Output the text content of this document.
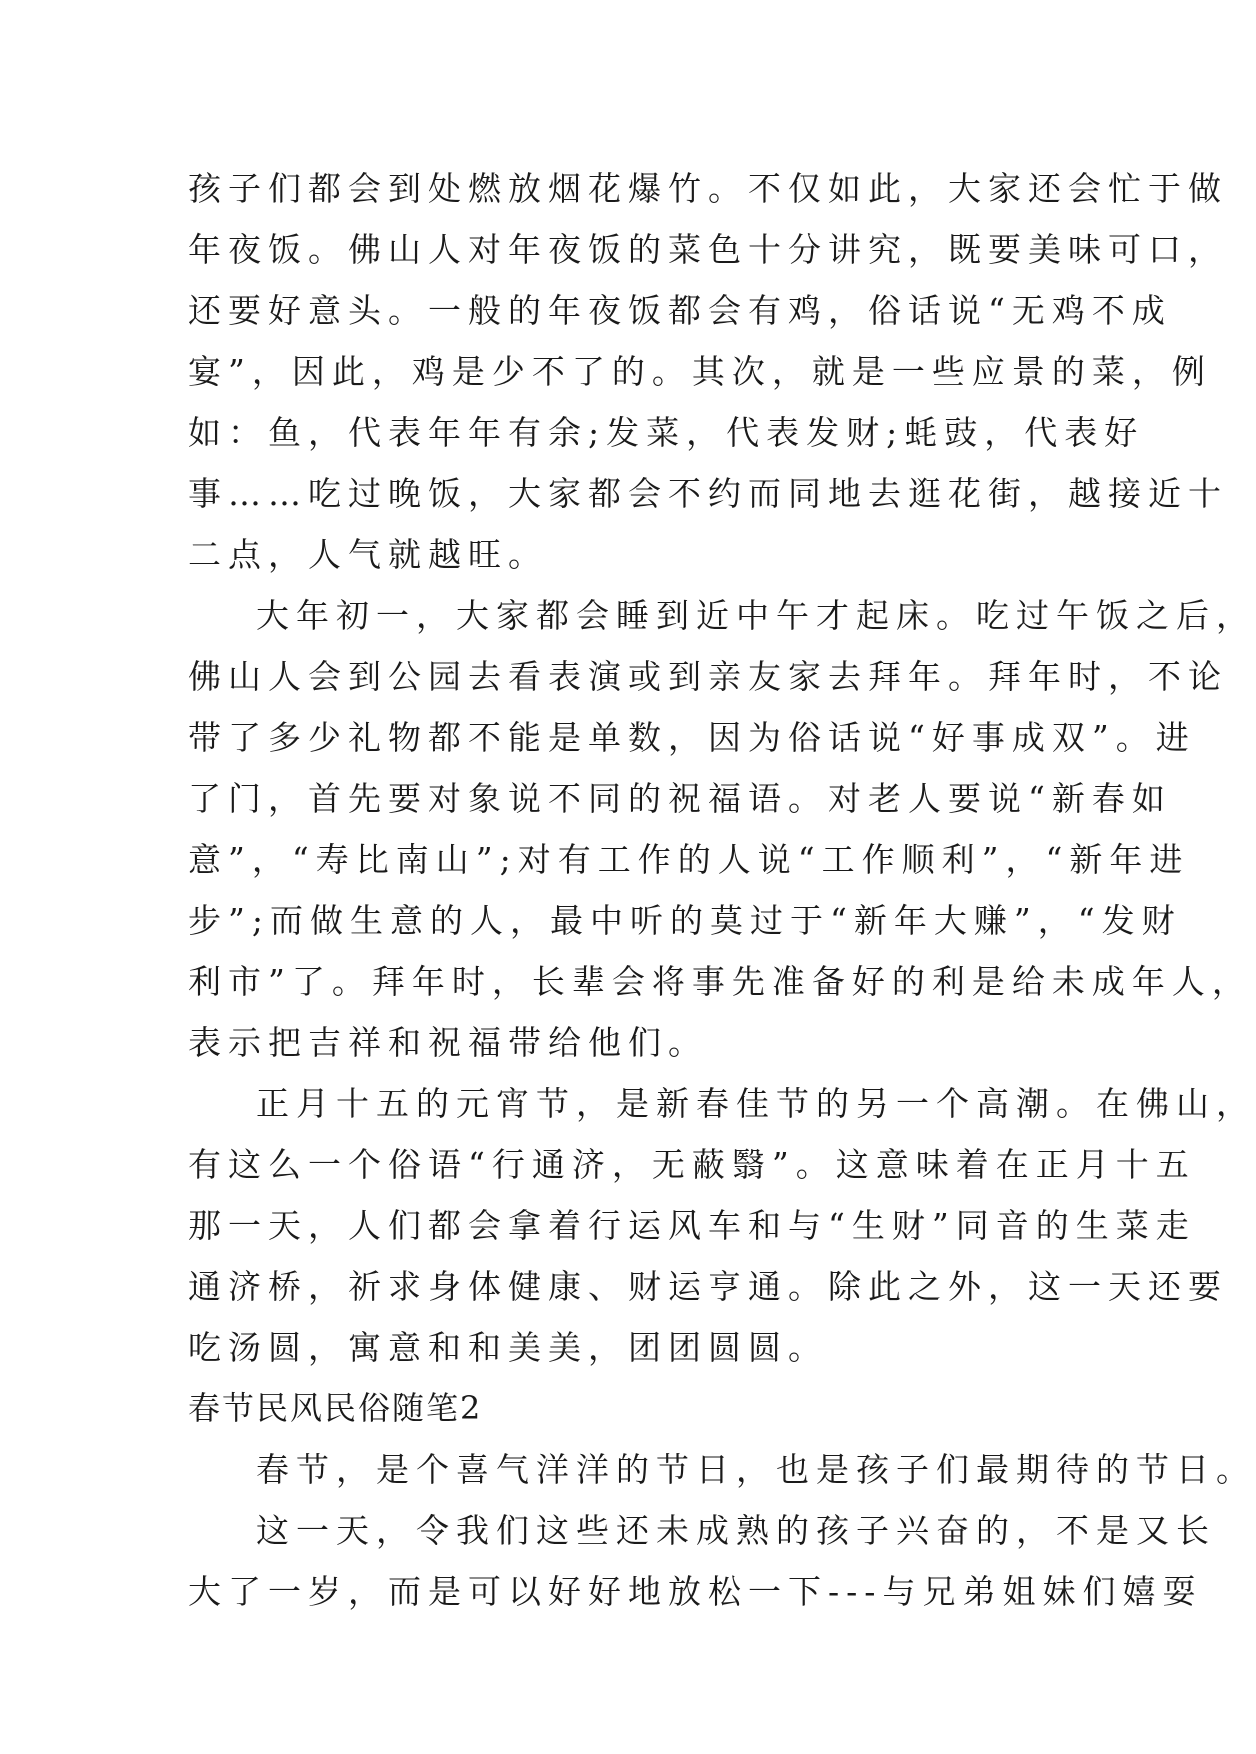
孩子们都会到处燃放烟花爆竹。不仅如此，大家还会忙于做
年夜饭。佛山人对年夜饭的菜色十分讲究，既要美味可口，
还要好意头。一般的年夜饭都会有鸡，俗话说“无鸡不成
宴”，因此，鸡是少不了的。其次，就是一些应景的菜，例
如：鱼，代表年年有余;发菜，代表发财;蚝豉，代表好
事……吃过晚饭，大家都会不约而同地去逛花街，越接近十
二点，人气就越旺。
大年初一，大家都会睡到近中午才起床。吃过午饭之后，
佛山人会到公园去看表演或到亲友家去拜年。拜年时，不论
带了多少礼物都不能是单数，因为俗话说“好事成双”。进
了门，首先要对象说不同的祝福语。对老人要说“新春如
意”，“寿比南山”;对有工作的人说“工作顺利”，“新年进
步”;而做生意的人，最中听的莫过于“新年大赚”，“发财
利市”了。拜年时，长辈会将事先准备好的利是给未成年人，
表示把吉祥和祝福带给他们。
正月十五的元宵节，是新春佳节的另一个高潮。在佛山，
有这么一个俗语“行通济，无蔽翳”。这意味着在正月十五
那一天，人们都会拿着行运风车和与“生财”同音的生菜走
通济桥，祈求身体健康、财运亨通。除此之外，这一天还要
吃汤圆，寓意和和美美，团团圆圆。
春节民风民俗随笔2
春节，是个喜气洋洋的节日，也是孩子们最期待的节日。
这一天，令我们这些还未成熟的孩子兴奋的，不是又长
大了一岁，而是可以好好地放松一下---与兄弟姐妹们嬉耍
